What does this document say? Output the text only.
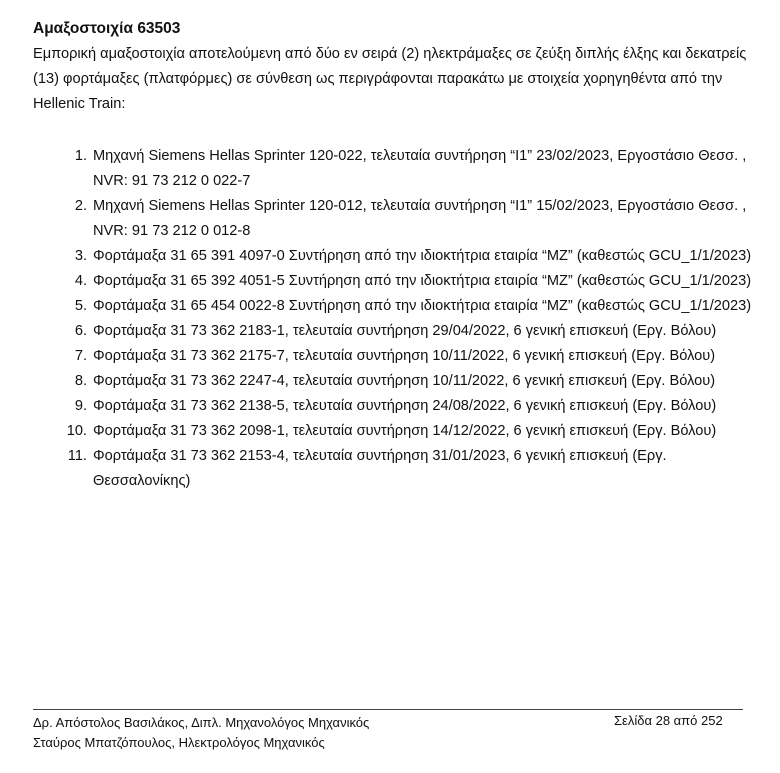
Αμαξοστοιχία 63503

Εμπορική αμαξοστοιχία αποτελούμενη από δύο εν σειρά (2) ηλεκτράμαξες σε ζεύξη διπλής έλξης και δεκατρείς (13) φορτάμαξες (πλατφόρμες) σε σύνθεση ως περιγράφονται παρακάτω με στοιχεία χορηγηθέντα από την Hellenic Train:

1. Μηχανή Siemens Hellas Sprinter 120-022, τελευταία συντήρηση “I1” 23/02/2023, Εργοστάσιο Θεσσ. , NVR: 91 73 212 0 022-7
2. Μηχανή Siemens Hellas Sprinter 120-012, τελευταία συντήρηση “I1” 15/02/2023, Εργοστάσιο Θεσσ. , NVR: 91 73 212 0 012-8
3. Φορτάμαξα 31 65 391 4097-0 Συντήρηση από την ιδιοκτήτρια εταιρία “MZ” (καθεστώς GCU_1/1/2023)
4. Φορτάμαξα 31 65 392 4051-5 Συντήρηση από την ιδιοκτήτρια εταιρία “MZ” (καθεστώς GCU_1/1/2023)
5. Φορτάμαξα 31 65 454 0022-8 Συντήρηση από την ιδιοκτήτρια εταιρία “MZ” (καθεστώς GCU_1/1/2023)
6. Φορτάμαξα 31 73 362 2183-1, τελευταία συντήρηση 29/04/2022, 6 γενική επισκευή (Εργ. Βόλου)
7. Φορτάμαξα 31 73 362 2175-7, τελευταία συντήρηση 10/11/2022, 6 γενική επισκευή (Εργ. Βόλου)
8. Φορτάμαξα 31 73 362 2247-4, τελευταία συντήρηση 10/11/2022, 6 γενική επισκευή (Εργ. Βόλου)
9. Φορτάμαξα 31 73 362 2138-5, τελευταία συντήρηση 24/08/2022, 6 γενική επισκευή (Εργ. Βόλου)
10. Φορτάμαξα 31 73 362 2098-1, τελευταία συντήρηση 14/12/2022, 6 γενική επισκευή (Εργ. Βόλου)
11. Φορτάμαξα 31 73 362 2153-4, τελευταία συντήρηση 31/01/2023, 6 γενική επισκευή (Εργ. Θεσσαλονίκης)
Δρ. Απόστολος Βασιλάκος, Διπλ. Μηχανολόγος Μηχανικός
Σταύρος Μπατζόπουλος, Ηλεκτρολόγος Μηχανικός
Σελίδα 28 από 252
